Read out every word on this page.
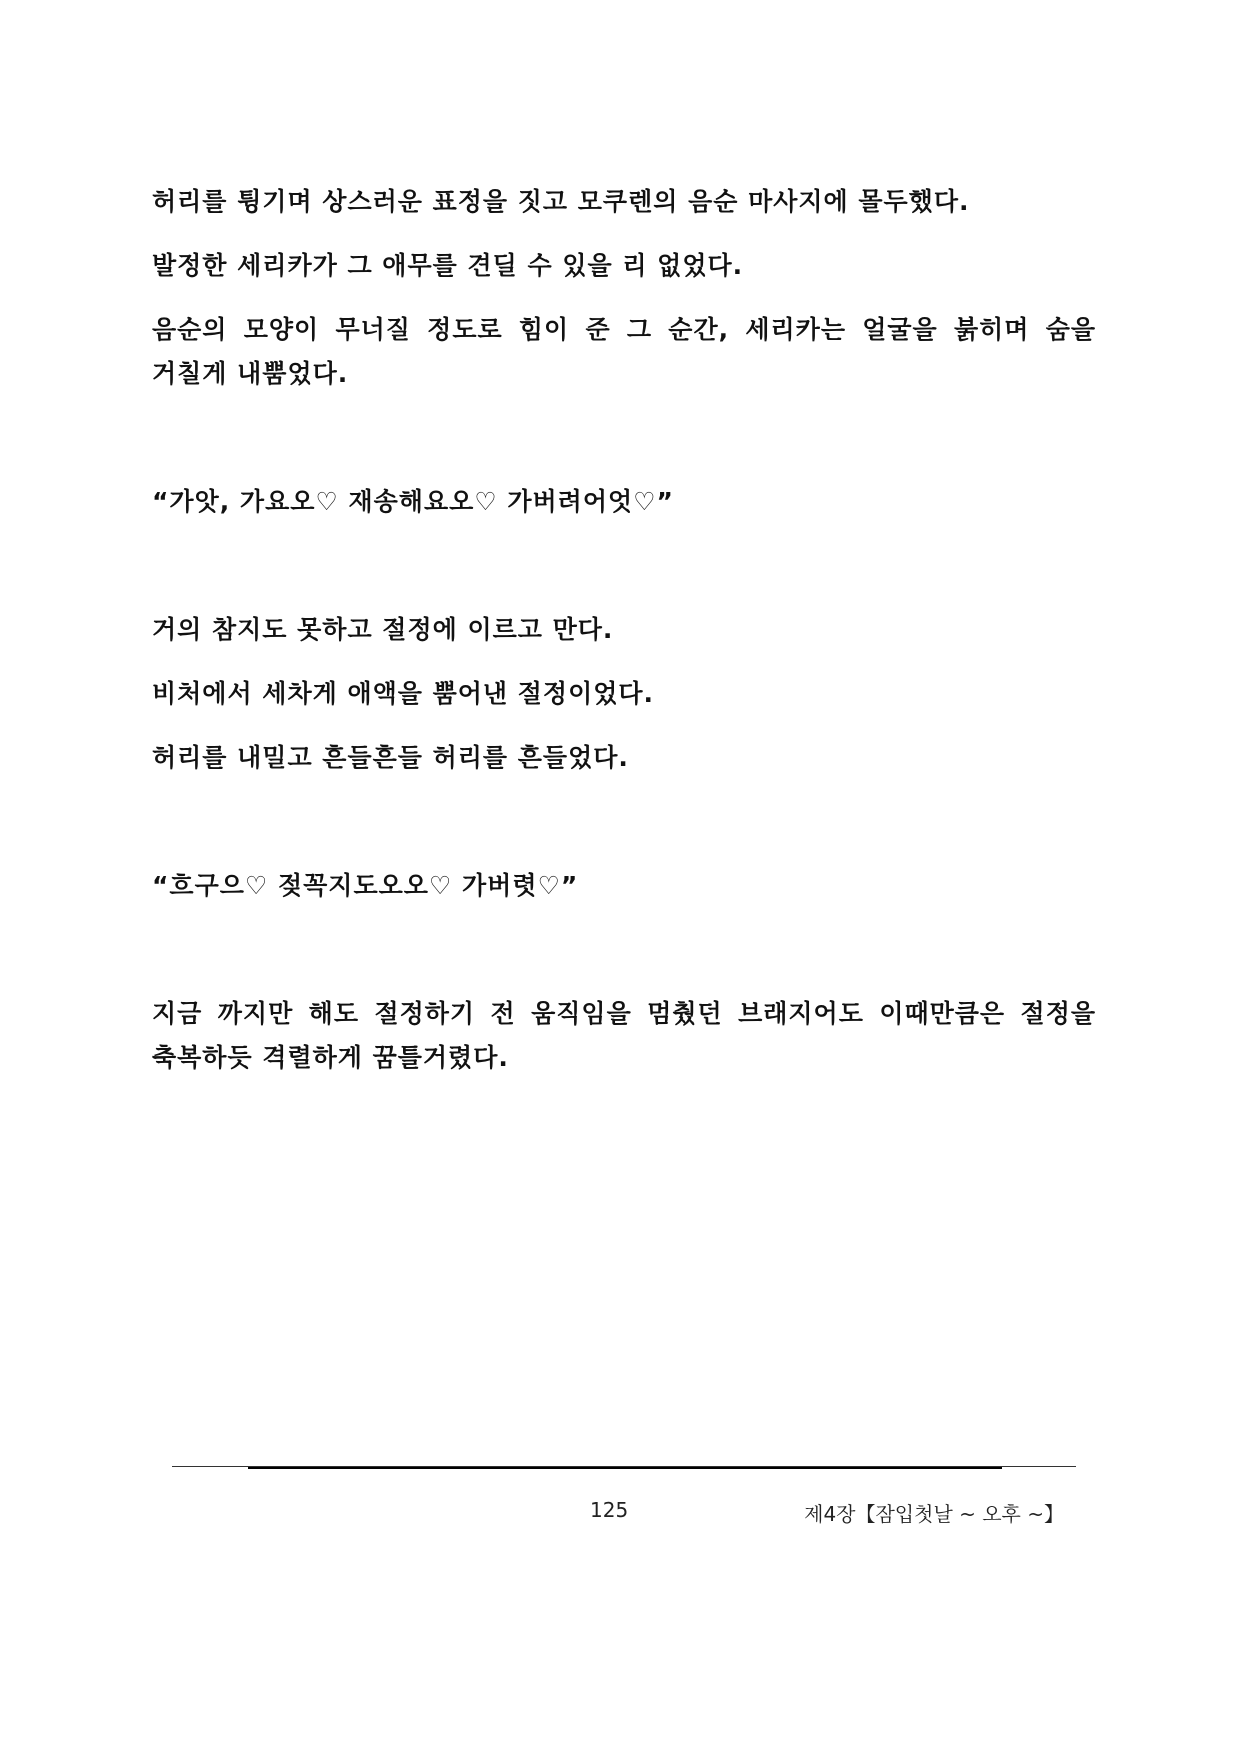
허리를 튕기며 상스러운 표정을 짓고 모쿠렌의 음순 마사지에 몰두했다.

발정한 세리카가 그 애무를 견딜 수 있을 리 없었다.

음순의 모양이 무너질 정도로 힘이 준 그 순간, 세리카는 얼굴을 붉히며 숨을 거칠게 내뿜었다.

“가앗, 가요오♡ 재송해요오♡ 가버려어엇♡”

거의 참지도 못하고 절정에 이르고 만다.

비처에서 세차게 애액을 뿜어낸 절정이었다.

허리를 내밀고 흔들흔들 허리를 흔들었다.

“흐구으♡ 젖꼭지도오오♡ 가버렷♡”

지금 까지만 해도 절정하기 전 움직임을 멈췄던 브래지어도 이때만큼은 절정을 축복하듯 격렬하게 꿈틀거렸다.

125	제4장【잠입첫날 ~ 오후 ~】
